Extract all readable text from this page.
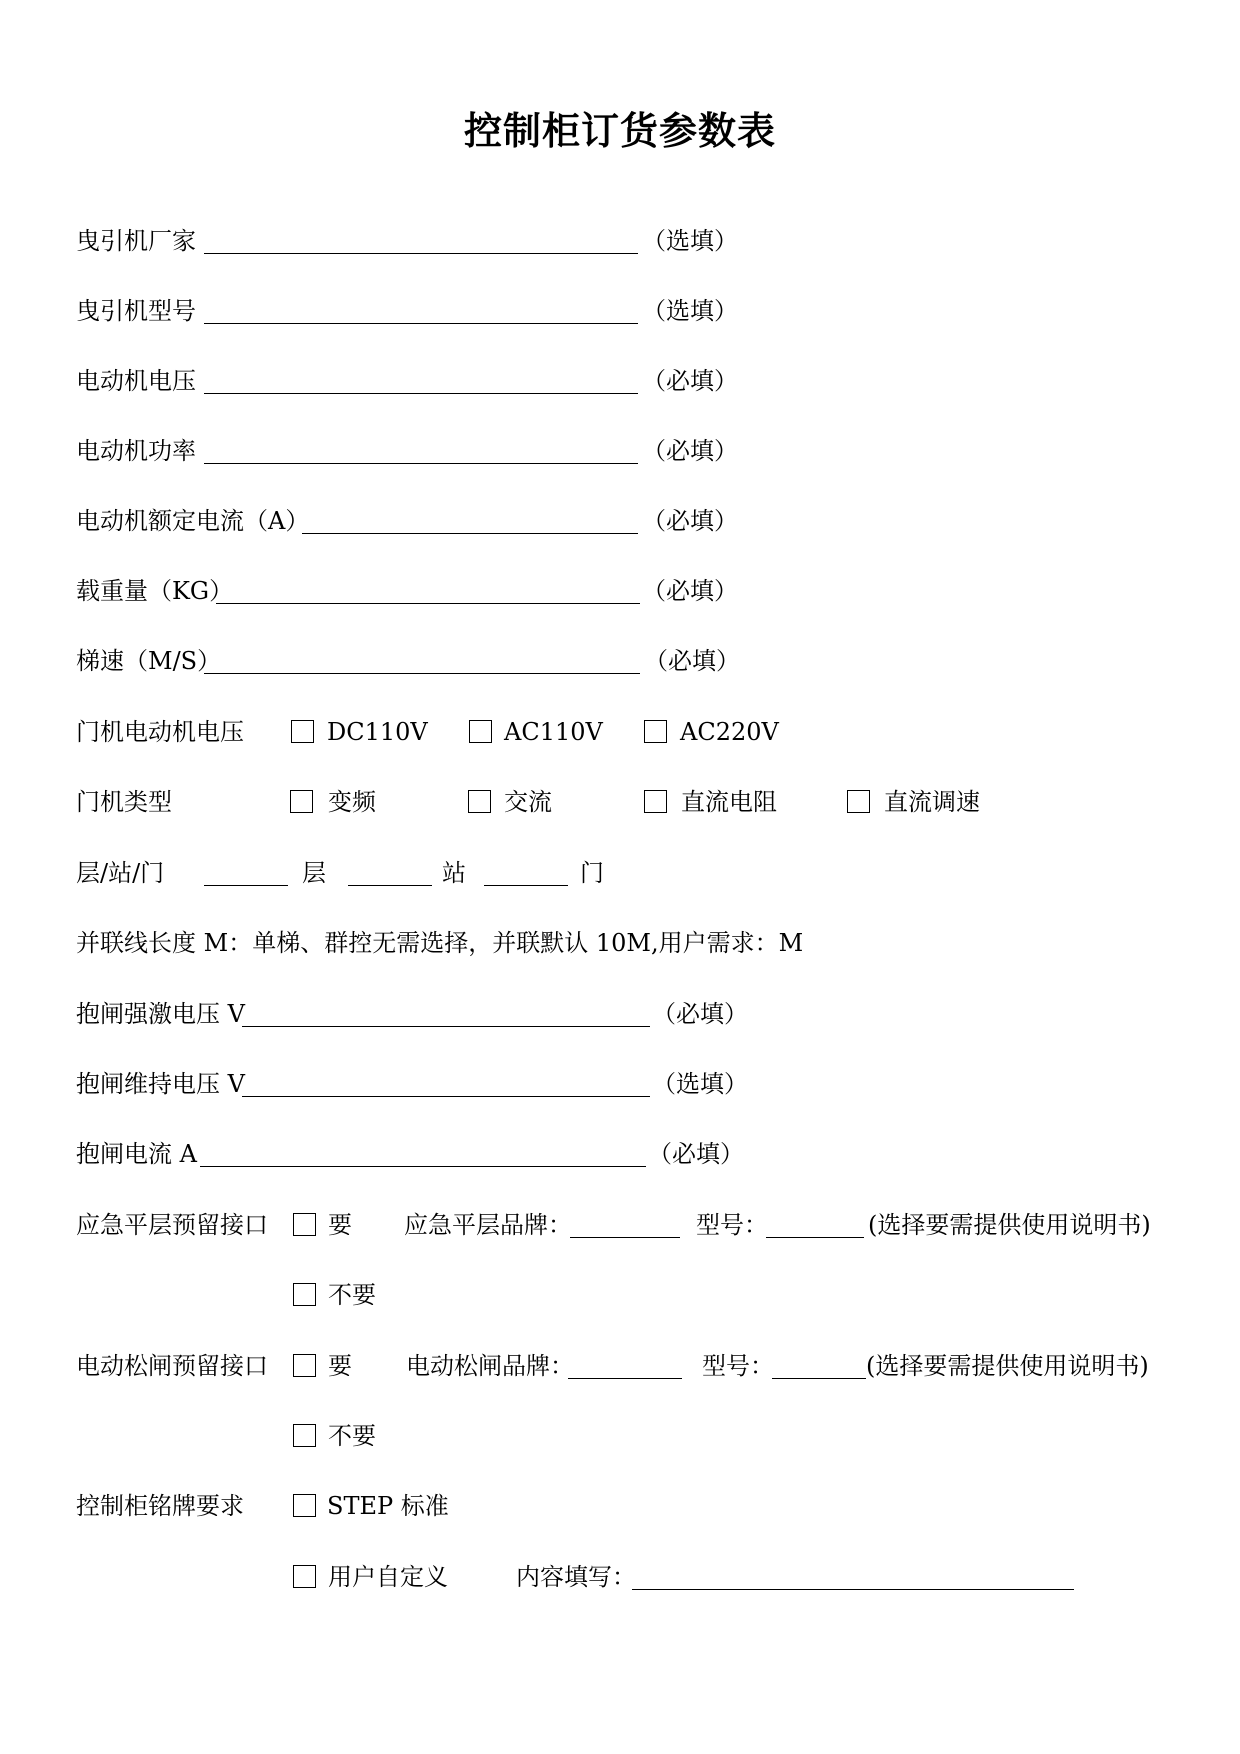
控制柜订货参数表
曳引机厂家	（选填）
曳引机型号	（选填）
电动机电压	（必填）
电动机功率	（必填）
电动机额定电流（A）	（必填）
载重量（KG）	（必填）
梯速（M/S）	（必填）
门机电动机电压	DC110V	AC110V	AC220V
门机类型	变频	交流	直流电阻	直流调速
层/站/门	层	站	门
并联线长度 M：单梯、群控无需选择，并联默认 10M,用户需求：M
抱闸强激电压 V	（必填）
抱闸维持电压 V	（选填）
抱闸电流 A	（必填）
应急平层预留接口	要 应急平层品牌：	型号：	(选择要需提供使用说明书)
不要
电动松闸预留接口	要 电动松闸品牌：	型号：	(选择要需提供使用说明书)
不要
控制柜铭牌要求	STEP 标准
用户自定义	内容填写：
